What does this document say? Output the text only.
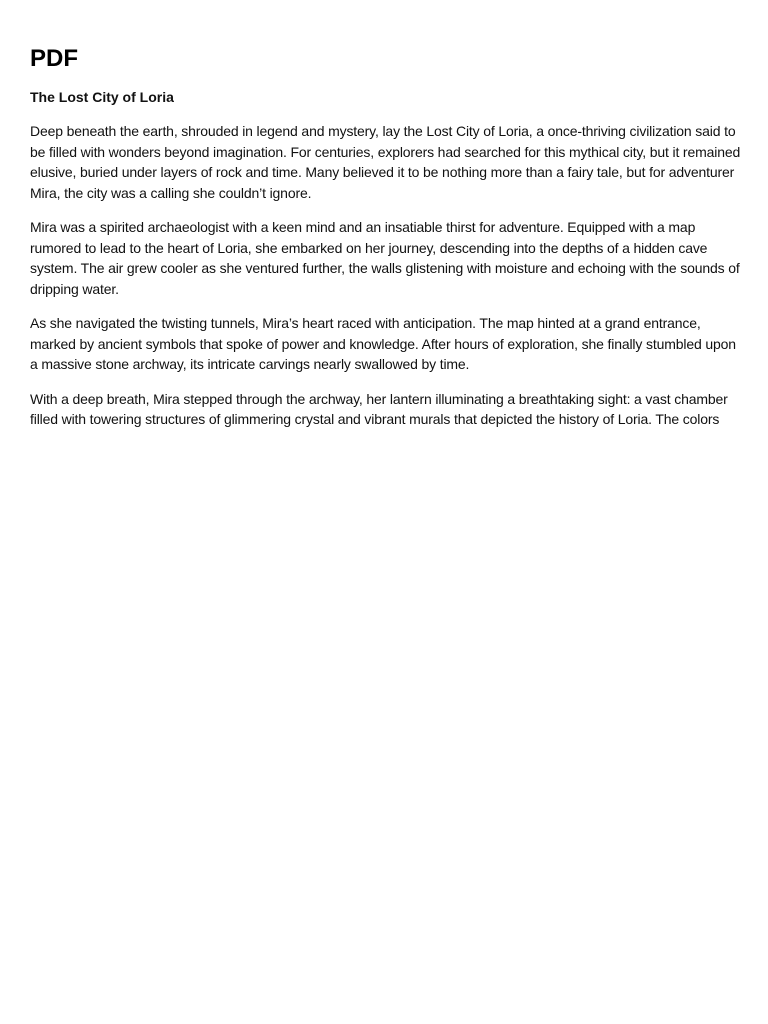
PDF
The Lost City of Loria

Deep beneath the earth, shrouded in legend and mystery, lay the Lost City of Loria, a once-thriving civilization said to be filled with wonders beyond imagination. For centuries, explorers had searched for this mythical city, but it remained elusive, buried under layers of rock and time. Many believed it to be nothing more than a fairy tale, but for adventurer Mira, the city was a calling she couldn’t ignore.

Mira was a spirited archaeologist with a keen mind and an insatiable thirst for adventure. Equipped with a map rumored to lead to the heart of Loria, she embarked on her journey, descending into the depths of a hidden cave system. The air grew cooler as she ventured further, the walls glistening with moisture and echoing with the sounds of dripping water.

As she navigated the twisting tunnels, Mira’s heart raced with anticipation. The map hinted at a grand entrance, marked by ancient symbols that spoke of power and knowledge. After hours of exploration, she finally stumbled upon a massive stone archway, its intricate carvings nearly swallowed by time.

With a deep breath, Mira stepped through the archway, her lantern illuminating a breathtaking sight: a vast chamber filled with towering structures of glimmering crystal and vibrant murals that depicted the history of Loria. The colors
